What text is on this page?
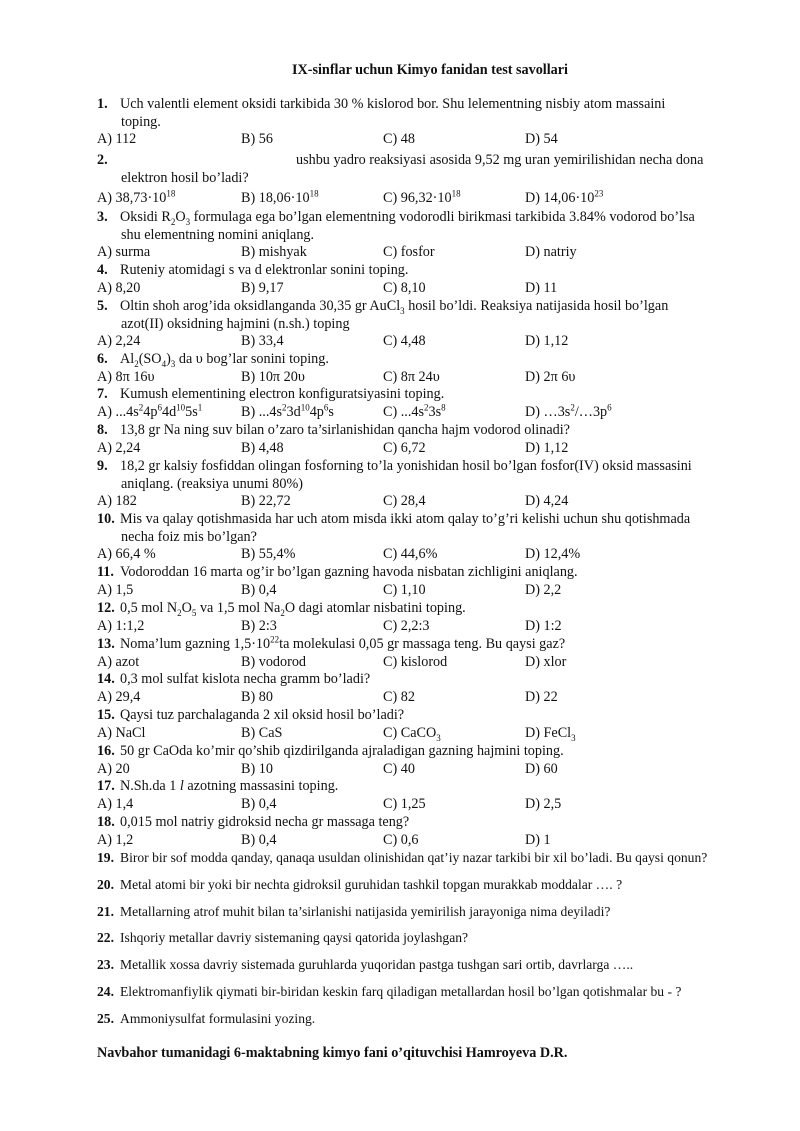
IX-sinflar uchun Kimyo fanidan test savollari
1. Uch valentli element oksidi tarkibida 30 % kislorod bor. Shu lelementning nisbiy atom massaini
toping.
A) 112	B) 56	C) 48	D) 54
2.	ushbu yadro reaksiyasi asosida 9,52 mg uran yemirilishidan necha dona
elektron hosil bo’ladi?
A) $38,73\cdot 10^{18}$	B) $18,06\cdot 10^{18}$	C) $96,32\cdot 10^{18}$	D) $14,06\cdot 10^{23}$
3. Oksidi $R_2O_3$ formulaga ega bo’lgan elementning vodorodli birikmasi tarkibida 3.84% vodorod bo’lsa
shu elementning nomini aniqlang.
A) surma	B) mishyak	C) fosfor	D) natriy
4. Ruteniy atomidagi s va d elektronlar sonini toping.
A) 8,20	B) 9,17	C) 8,10	D) 11
5. Oltin shoh arog’ida oksidlanganda 30,35 gr AuCl$_3$ hosil bo’ldi. Reaksiya natijasida hosil bo’lgan
azot(II) oksidning hajmini (n.sh.) toping
A) 2,24	B) 33,4	C) 4,48	D) 1,12
6. $Al_2(SO_4)_3$ da υ bog’lar sonini toping.
A) 8π 16υ	B) 10π 20υ	C) 8π 24υ	D) 2π 6υ
7. Kumush elementining electron konfiguratsiyasini toping.
A) $...4s^24p^64d^{10}5s^1$	B) $...4s^23d^{10}4p^6s$	C) $...4s^23s^8$	D) $\dots 3s^2/\dots 3p^6$
8. 13,8 gr Na ning suv bilan o’zaro ta’sirlanishidan qancha hajm vodorod olinadi?
A) 2,24	B) 4,48	C) 6,72	D) 1,12
9. 18,2 gr kalsiy fosfiddan olingan fosforning to’la yonishidan hosil bo’lgan fosfor(IV) oksid massasini
aniqlang. (reaksiya unumi 80%)
A) 182	B) 22,72	C) 28,4	D) 4,24
10. Mis va qalay qotishmasida har uch atom misda ikki atom qalay to’g’ri kelishi uchun shu qotishmada
necha foiz mis bo’lgan?
A) 66,4 %	B) 55,4%	C) 44,6%	D) 12,4%
11. Vodoroddan 16 marta og’ir bo’lgan gazning havoda nisbatan zichligini aniqlang.
A) 1,5	B) 0,4	C) 1,10	D) 2,2
12. 0,5 mol $N_2O_5$ va 1,5 mol $Na_2O$ dagi atomlar nisbatini toping.
A) 1:1,2	B) 2:3	C) 2,2:3	D) 1:2
13. Noma’lum gazning $1,5\cdot 10^{22}ta$ molekulasi 0,05 gr massaga teng. Bu qaysi gaz?
A) azot	B) vodorod	C) kislorod	D) xlor
14. 0,3 mol sulfat kislota necha gramm bo’ladi?
A) 29,4	B) 80	C) 82	D) 22
15. Qaysi tuz parchalaganda 2 xil oksid hosil bo’ladi?
A) NaCl	B) CaS	C) CaCO$_3$	D) FeCl$_3$
16. 50 gr CaOda ko’mir qo’shib qizdirilganda ajraladigan gazning hajmini toping.
A) 20	B) 10	C) 40	D) 60
17. N.Sh.da 1 l azotning massasini toping.
A) 1,4	B) 0,4	C) 1,25	D) 2,5
18. 0,015 mol natriy gidroksid necha gr massaga teng?
A) 1,2	B) 0,4	C) 0,6	D) 1
19. Biror bir sof modda qanday, qanaqa usuldan olinishidan qat’iy nazar tarkibi bir xil bo’ladi. Bu qaysi qonun?
20. Metal atomi bir yoki bir nechta gidroksil guruhidan tashkil topgan murakkab moddalar …. ?
21. Metallarning atrof muhit bilan ta’sirlanishi natijasida yemirilish jarayoniga nima deyiladi?
22. Ishqoriy metallar davriy sistemaning qaysi qatorida joylashgan?
23. Metallik xossa davriy sistemada guruhlarda yuqoridan pastga tushgan sari ortib, davrlarga …..
24. Elektromanfiylik qiymati bir-biridan keskin farq qiladigan metallardan hosil bo’lgan qotishmalar bu - ?
25. Ammoniysulfat formulasini yozing.
Navbahor tumanidagi 6-maktabning kimyo fani o’qituvchisi Hamroyeva D.R.
